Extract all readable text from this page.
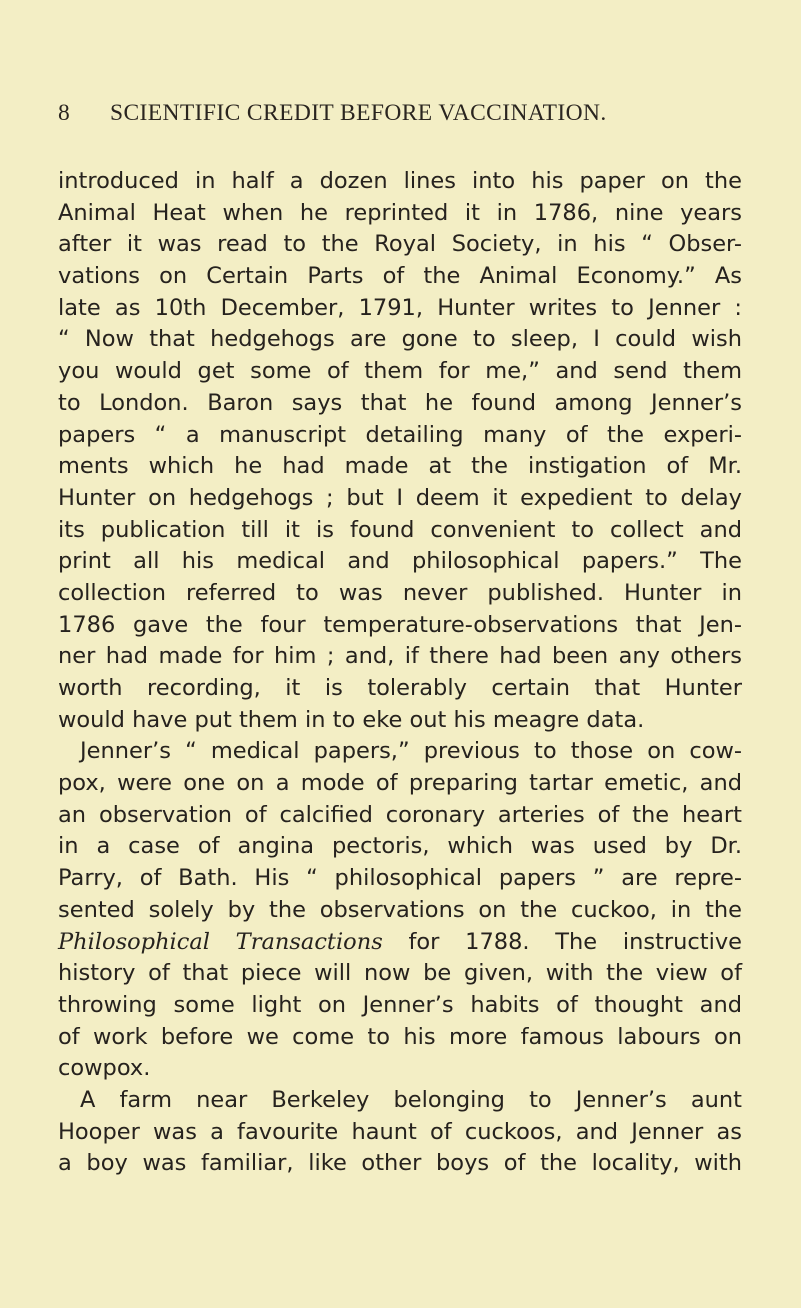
8 SCIENTIFIC CREDIT BEFORE VACCINATION.
introduced in half a dozen lines into his paper on the
Animal Heat when he reprinted it in 1786, nine years
after it was read to the Royal Society, in his “ Obser-
vations on Certain Parts of the Animal Economy.” As
late as 10th December, 1791, Hunter writes to Jenner :
“ Now that hedgehogs are gone to sleep, I could wish
you would get some of them for me,” and send them
to London. Baron says that he found among Jenner’s
papers “ a manuscript detailing many of the experi-
ments which he had made at the instigation of Mr.
Hunter on hedgehogs ; but I deem it expedient to delay
its publication till it is found convenient to collect and
print all his medical and philosophical papers.” The
collection referred to was never published. Hunter in
1786 gave the four temperature-observations that Jen-
ner had made for him ; and, if there had been any others
worth recording, it is tolerably certain that Hunter
would have put them in to eke out his meagre data.
Jenner’s “ medical papers,” previous to those on cow-
pox, were one on a mode of preparing tartar emetic, and
an observation of calcified coronary arteries of the heart
in a case of angina pectoris, which was used by Dr.
Parry, of Bath. His “ philosophical papers ” are repre-
sented solely by the observations on the cuckoo, in the
Philosophical Transactions for 1788. The instructive
history of that piece will now be given, with the view of
throwing some light on Jenner’s habits of thought and
of work before we come to his more famous labours on
cowpox.
A farm near Berkeley belonging to Jenner’s aunt
Hooper was a favourite haunt of cuckoos, and Jenner as
a boy was familiar, like other boys of the locality, with
